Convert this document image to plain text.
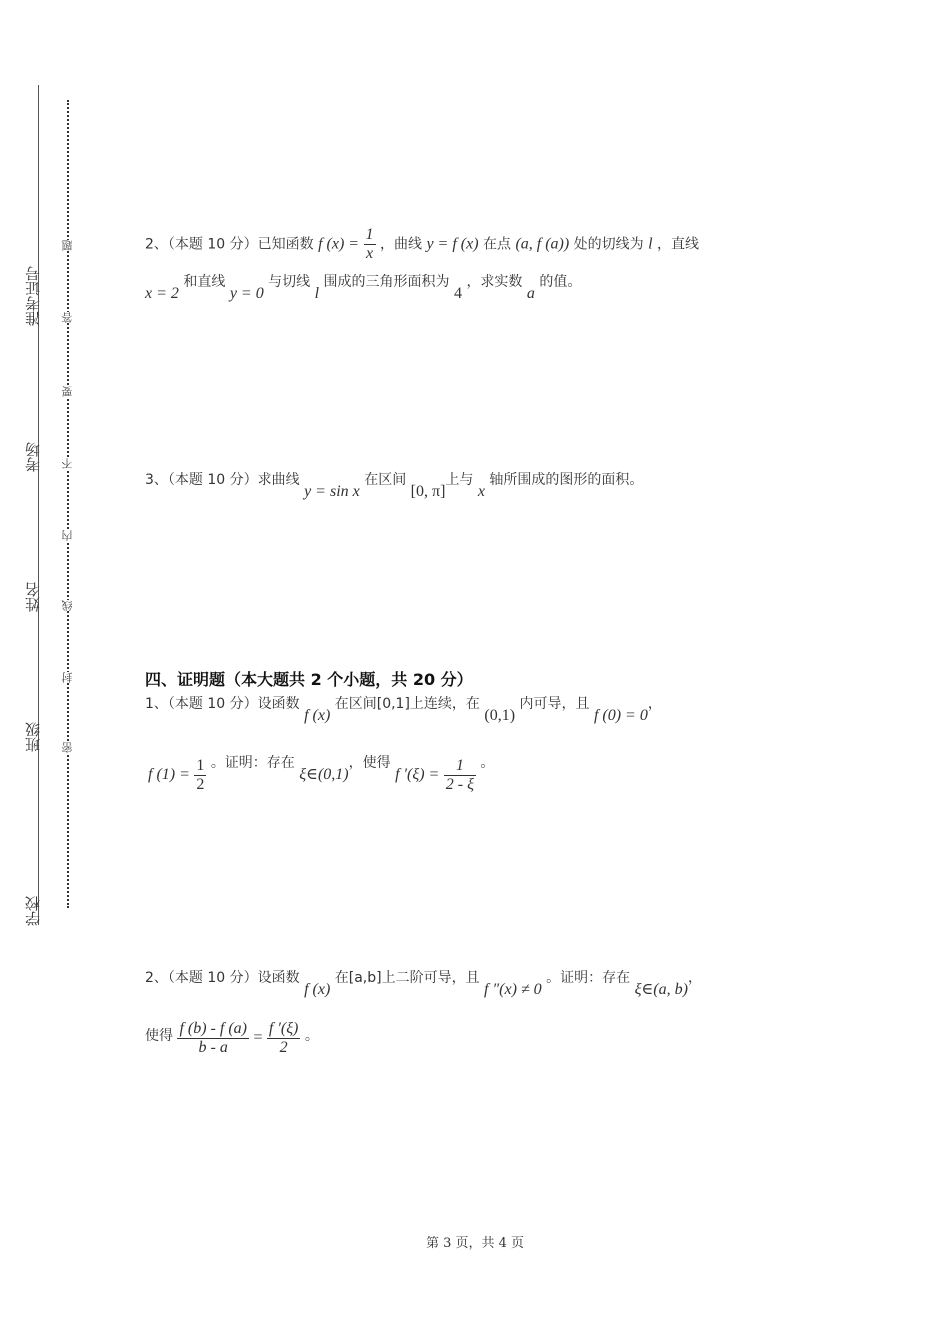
准考证号
考场
姓名
班级
学校
题
答
要
不
内
线
封
密
2、（本题 10 分）已知函数 f $(x) = \frac{1}{x}$ ，曲线 y = f (x) 在点 (a, f (a)) 处的切线为 l ，直线
x = 2 和直线 y = 0 与切线 l 围成的三角形面积为 4 ，求实数 a 的值。
3、（本题 10 分）求曲线 y = sin x 在区间 [0, π]上与 x 轴所围成的图形的面积。
四、证明题（本大题共 2 个小题，共 20 分）
1、（本题 10 分）设函数 f (x) 在区间[0,1]上连续，在 (0,1) 内可导，且 f (0) = 0，
f $(1) = \frac{1}{2}$ 。证明：存在 ξ∈(0,1)，使得 f $'(\xi) = \frac{1}{2 - \xi}$ 。
2、（本题 10 分）设函数 f (x) 在[a,b]上二阶可导，且 f ″(x) ≠ 0 。证明：存在 ξ∈(a, b)，
使得 $\frac{f (b) - f (a)}{b - a} = \frac{f '(\xi)}{2}$ 。
第 3 页，共 4 页
